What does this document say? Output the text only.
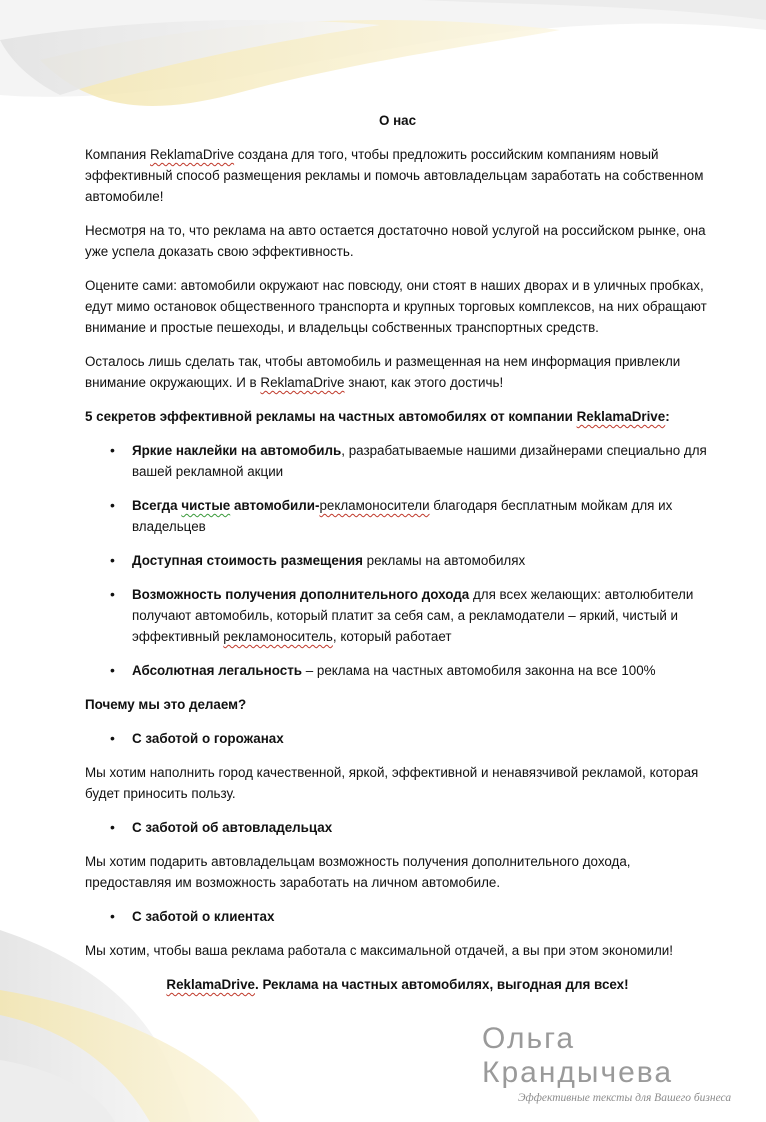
О нас

Компания ReklamaDrive создана для того, чтобы предложить российским компаниям новый эффективный способ размещения рекламы и помочь автовладельцам заработать на собственном автомобиле!

Несмотря на то, что реклама на авто остается достаточно новой услугой на российском рынке, она уже успела доказать свою эффективность.

Оцените сами: автомобили окружают нас повсюду, они стоят в наших дворах и в уличных пробках, едут мимо остановок общественного транспорта и крупных торговых комплексов, на них обращают внимание и простые пешеходы, и владельцы собственных транспортных средств.

Осталось лишь сделать так, чтобы автомобиль и размещенная на нем информация привлекли внимание окружающих. И в ReklamaDrive знают, как этого достичь!

5 секретов эффективной рекламы на частных автомобилях от компании ReklamaDrive:

• Яркие наклейки на автомобиль, разрабатываемые нашими дизайнерами специально для вашей рекламной акции
• Всегда чистые автомобили-рекламоносители благодаря бесплатным мойкам для их владельцев
• Доступная стоимость размещения рекламы на автомобилях
• Возможность получения дополнительного дохода для всех желающих: автолюбители получают автомобиль, который платит за себя сам, а рекламодатели – яркий, чистый и эффективный рекламоноситель, который работает
• Абсолютная легальность – реклама на частных автомобиля законна на все 100%

Почему мы это делаем?

• С заботой о горожанах

Мы хотим наполнить город качественной, яркой, эффективной и ненавязчивой рекламой, которая будет приносить пользу.

• С заботой об автовладельцах

Мы хотим подарить автовладельцам возможность получения дополнительного дохода, предоставляя им возможность заработать на личном автомобиле.

• С заботой о клиентах

Мы хотим, чтобы ваша реклама работала с максимальной отдачей, а вы при этом экономили!

ReklamaDrive. Реклама на частных автомобилях, выгодная для всех!

Ольга Крандычева
Эффективные тексты для Вашего бизнеса
